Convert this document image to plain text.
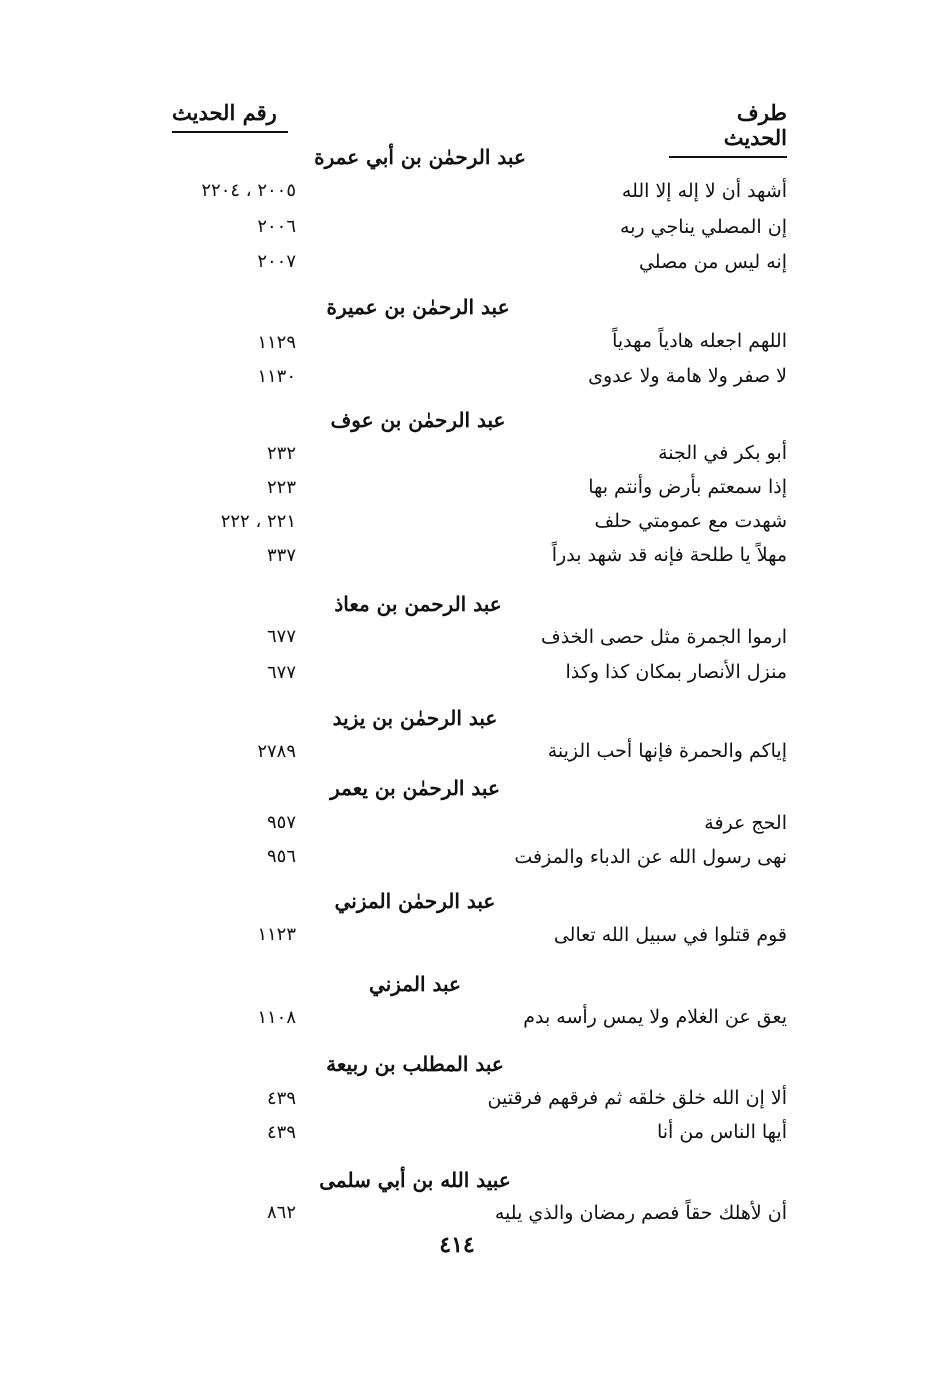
طرف الحديث
رقم الحديث
عبد الرحمٰن بن أبي عمرة
أشهد أن لا إله إلا الله
٢٠٠٥ ، ٢٢٠٤
إن المصلي يناجي ربه
٢٠٠٦
إنه ليس من مصلي
٢٠٠٧
عبد الرحمٰن بن عميرة
اللهم اجعله هادياً مهدياً
١١٢٩
لا صفر ولا هامة ولا عدوى
١١٣٠
عبد الرحمٰن بن عوف
أبو بكر في الجنة
٢٣٢
إذا سمعتم بأرض وأنتم بها
٢٢٣
شهدت مع عمومتي حلف
٢٢١ ، ٢٢٢
مهلاً يا طلحة فإنه قد شهد بدراً
٣٣٧
عبد الرحمن بن معاذ
ارموا الجمرة مثل حصى الخذف
٦٧٧
منزل الأنصار بمكان كذا وكذا
٦٧٧
عبد الرحمٰن بن يزيد
إياكم والحمرة فإنها أحب الزينة
٢٧٨٩
عبد الرحمٰن بن يعمر
الحج عرفة
٩٥٧
نهى رسول الله عن الدباء والمزفت
٩٥٦
عبد الرحمٰن المزني
قوم قتلوا في سبيل الله تعالى
١١٢٣
عبد المزني
يعق عن الغلام ولا يمس رأسه بدم
١١٠٨
عبد المطلب بن ربيعة
ألا إن الله خلق خلقه ثم فرقهم فرقتين
٤٣٩
أيها الناس من أنا
٤٣٩
عبيد الله بن أبي سلمى
أن لأهلك حقاً فصم رمضان والذي يليه
٨٦٢
٤١٤
